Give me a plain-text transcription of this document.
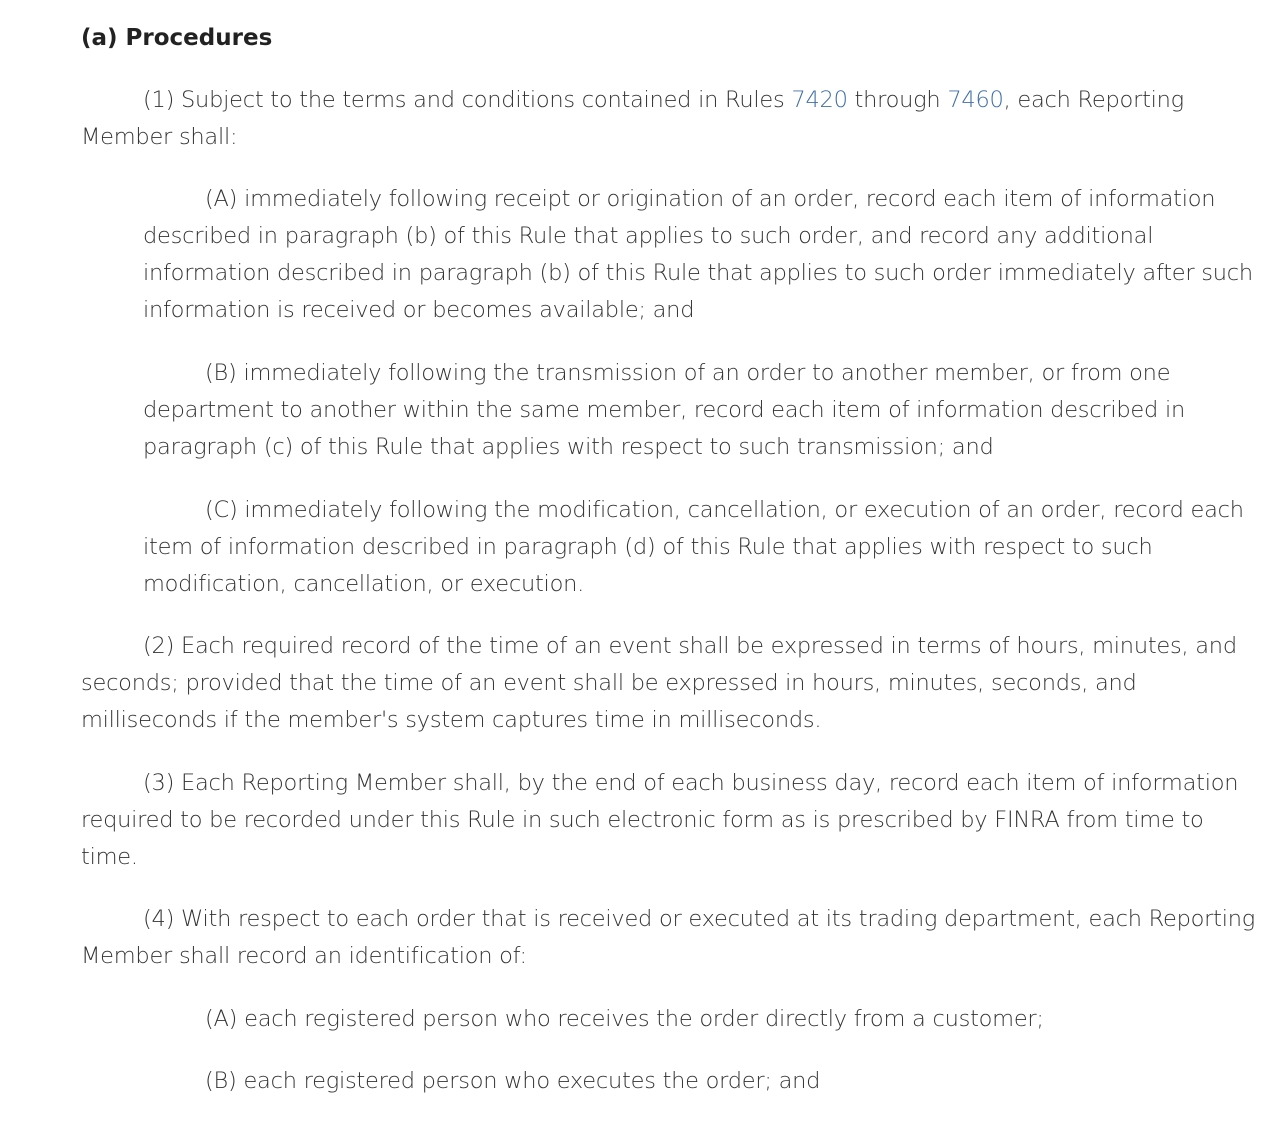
(a) Procedures

(1) Subject to the terms and conditions contained in Rules 7420 through 7460, each Reporting
Member shall:

(A) immediately following receipt or origination of an order, record each item of information
described in paragraph (b) of this Rule that applies to such order, and record any additional
information described in paragraph (b) of this Rule that applies to such order immediately after such
information is received or becomes available; and

(B) immediately following the transmission of an order to another member, or from one
department to another within the same member, record each item of information described in
paragraph (c) of this Rule that applies with respect to such transmission; and

(C) immediately following the modification, cancellation, or execution of an order, record each
item of information described in paragraph (d) of this Rule that applies with respect to such
modification, cancellation, or execution.

(2) Each required record of the time of an event shall be expressed in terms of hours, minutes, and
seconds; provided that the time of an event shall be expressed in hours, minutes, seconds, and
milliseconds if the member's system captures time in milliseconds.

(3) Each Reporting Member shall, by the end of each business day, record each item of information
required to be recorded under this Rule in such electronic form as is prescribed by FINRA from time to
time.

(4) With respect to each order that is received or executed at its trading department, each Reporting
Member shall record an identification of:

(A) each registered person who receives the order directly from a customer;

(B) each registered person who executes the order; and
